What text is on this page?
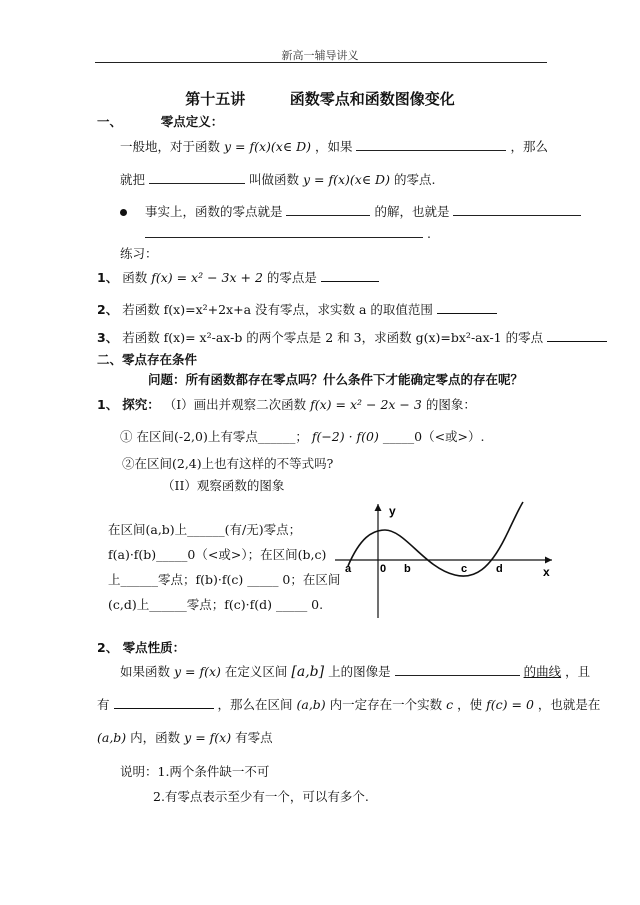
新高一辅导讲义
第十五讲	函数零点和函数图像变化
一、	零点定义：
一般地，对于函数 y = f(x)(x∈ D) ，如果	，那么
就把	叫做函数 y = f(x)(x∈ D) 的零点.
事实上，函数的零点就是	的解，也就是
.
练习：
1、 函数 f(x) = x² − 3x + 2 的零点是
2、 若函数 f(x)=x²+2x+a 没有零点，求实数 a 的取值范围
3、 若函数 f(x)= x²-ax-b 的两个零点是 2 和 3，求函数 g(x)=bx²-ax-1 的零点
二、零点存在条件
问题：所有函数都存在零点吗？什么条件下才能确定零点的存在呢？
1、 探究： （I）画出并观察二次函数 f(x) = x² − 2x − 3 的图象：
① 在区间(-2,0)上有零点______； f(−2) · f(0) _____0（<或>）.
②在区间(2,4)上也有这样的不等式吗?
（II）观察函数的图象
在区间(a,b)上______(有/无)零点；
f(a)·f(b)_____0（<或>）；在区间(b,c)
上______零点；f(b)·f(c) _____ 0；在区间
(c,d)上______零点；f(c)·f(d) _____ 0.
y
x
a	0 b	c	d
2、 零点性质：
如果函数 y = f(x) 在定义区间 [a,b] 上的图像是	的曲线 ，且
有	，那么在区间 (a,b) 内一定存在一个实数 c ，使 f(c) = 0 ，也就是在
(a,b) 内，函数 y = f(x) 有零点
说明：1.两个条件缺一不可
2.有零点表示至少有一个，可以有多个.
